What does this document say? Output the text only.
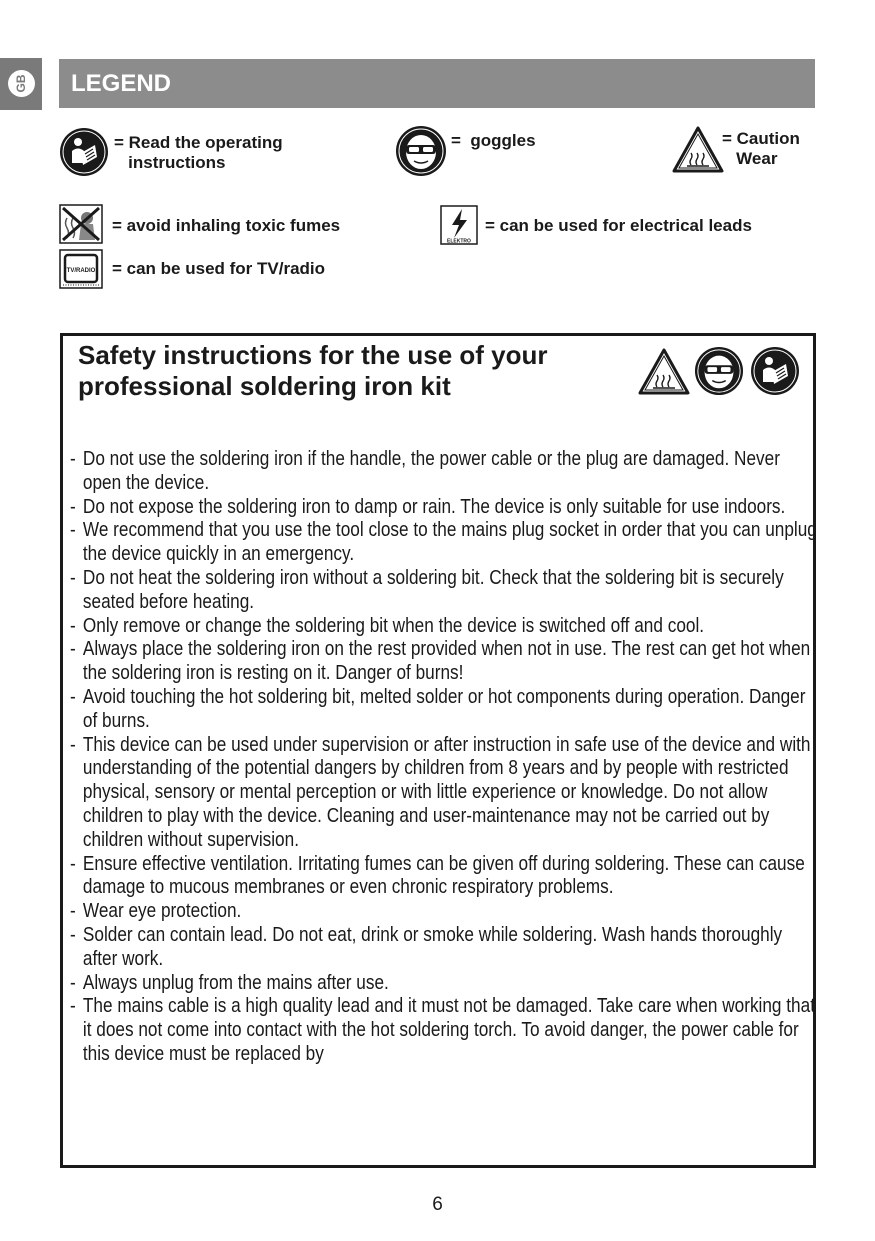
GB LEGEND
= Read the operating
instructions
=  goggles	= Caution
Wear
= avoid inhaling toxic fumes
ELEKTRO
= can be used for electrical leads
TV/RADIO = can be used for TV/radio
Safety instructions for the use of your professional soldering iron kit
- Do not use the soldering iron if the handle, the power cable or the plug are damaged. Never open the device.
- Do not expose the soldering iron to damp or rain. The device is only suitable for use indoors.
- We recommend that you use the tool close to the mains plug socket in order that you can unplug the device quickly in an emergency.
- Do not heat the soldering iron without a soldering bit. Check that the soldering bit is securely seated before heating.
- Only remove or change the soldering bit when the device is switched off and cool.
- Always place the soldering iron on the rest provided when not in use. The rest can get hot when the soldering iron is resting on it. Danger of burns!
- Avoid touching the hot soldering bit, melted solder or hot components during operation. Danger of burns.
- This device can be used under supervision or after instruction in safe use of the device and with understanding of the potential dangers by children from 8 years and by people with restricted physical, sensory or mental perception or with little experience or knowledge. Do not allow children to play with the device. Cleaning and user-maintenance may not be carried out by children without supervision.
- Ensure effective ventilation. Irritating fumes can be given off during soldering. These can cause damage to mucous membranes or even chronic respiratory problems.
- Wear eye protection.
- Solder can contain lead. Do not eat, drink or smoke while soldering. Wash hands thoroughly after work.
- Always unplug from the mains after use.
- The mains cable is a high quality lead and it must not be damaged. Take care when working that it does not come into contact with the hot soldering torch. To avoid danger, the power cable for this device must be replaced by
6
